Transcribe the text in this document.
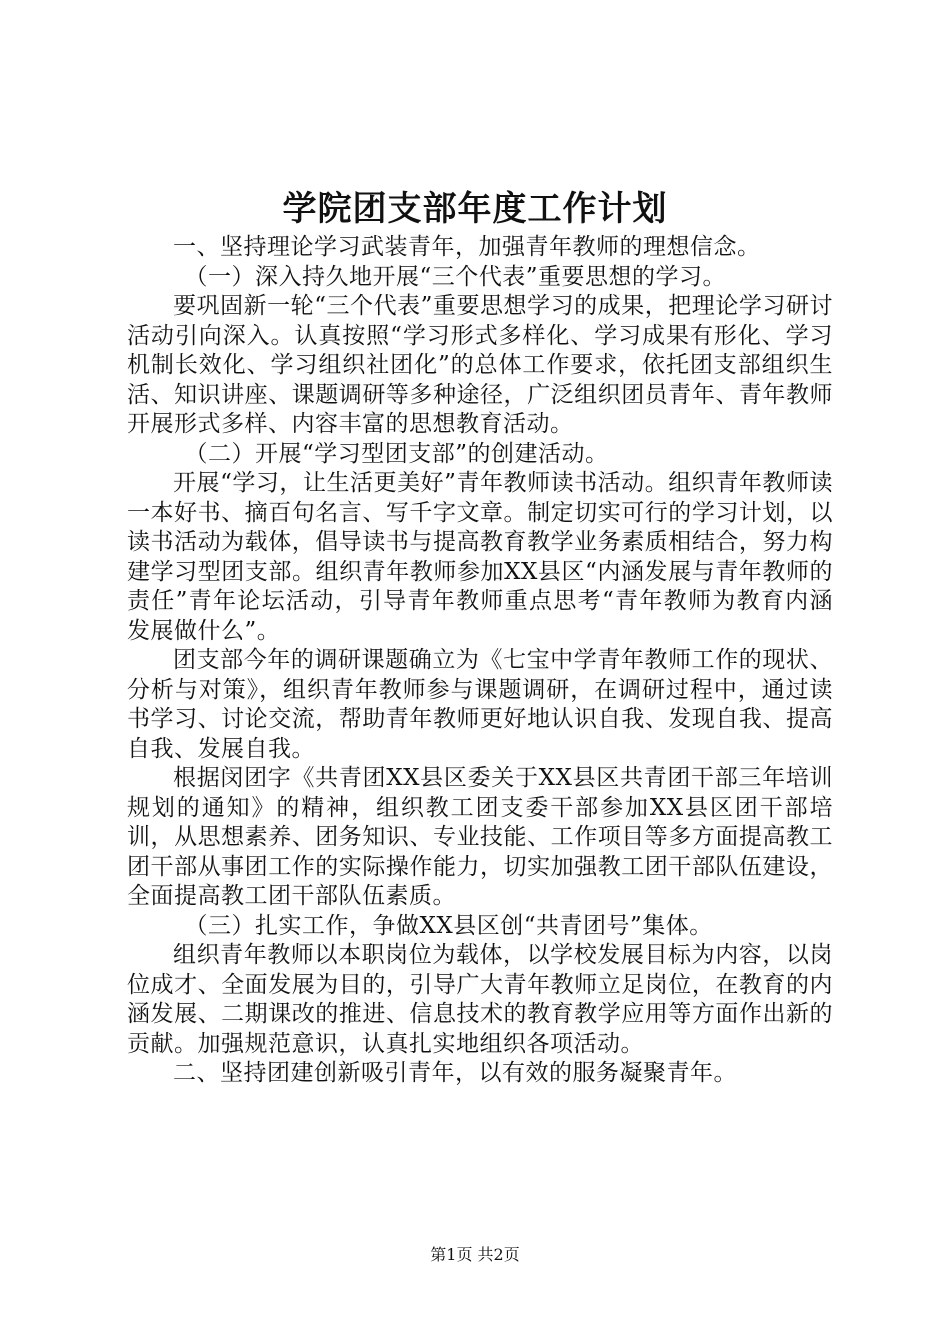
学院团支部年度工作计划

一、坚持理论学习武装青年，加强青年教师的理想信念。

（一）深入持久地开展“三个代表”重要思想的学习。

要巩固新一轮“三个代表”重要思想学习的成果，把理论学习研讨活动引向深入。认真按照“学习形式多样化、学习成果有形化、学习机制长效化、学习组织社团化”的总体工作要求，依托团支部组织生活、知识讲座、课题调研等多种途径，广泛组织团员青年、青年教师开展形式多样、内容丰富的思想教育活动。

（二）开展“学习型团支部”的创建活动。

开展“学习，让生活更美好”青年教师读书活动。组织青年教师读一本好书、摘百句名言、写千字文章。制定切实可行的学习计划，以读书活动为载体，倡导读书与提高教育教学业务素质相结合，努力构建学习型团支部。组织青年教师参加XX县区“内涵发展与青年教师的责任”青年论坛活动，引导青年教师重点思考“青年教师为教育内涵发展做什么”。

团支部今年的调研课题确立为《七宝中学青年教师工作的现状、分析与对策》，组织青年教师参与课题调研，在调研过程中，通过读书学习、讨论交流，帮助青年教师更好地认识自我、发现自我、提高自我、发展自我。

根据闵团字《共青团XX县区委关于XX县区共青团干部三年培训规划的通知》的精神，组织教工团支委干部参加XX县区团干部培训，从思想素养、团务知识、专业技能、工作项目等多方面提高教工团干部从事团工作的实际操作能力，切实加强教工团干部队伍建设，全面提高教工团干部队伍素质。

（三）扎实工作，争做XX县区创“共青团号”集体。

组织青年教师以本职岗位为载体，以学校发展目标为内容，以岗位成才、全面发展为目的，引导广大青年教师立足岗位，在教育的内涵发展、二期课改的推进、信息技术的教育教学应用等方面作出新的贡献。加强规范意识，认真扎实地组织各项活动。

二、坚持团建创新吸引青年，以有效的服务凝聚青年。

第1页 共2页
